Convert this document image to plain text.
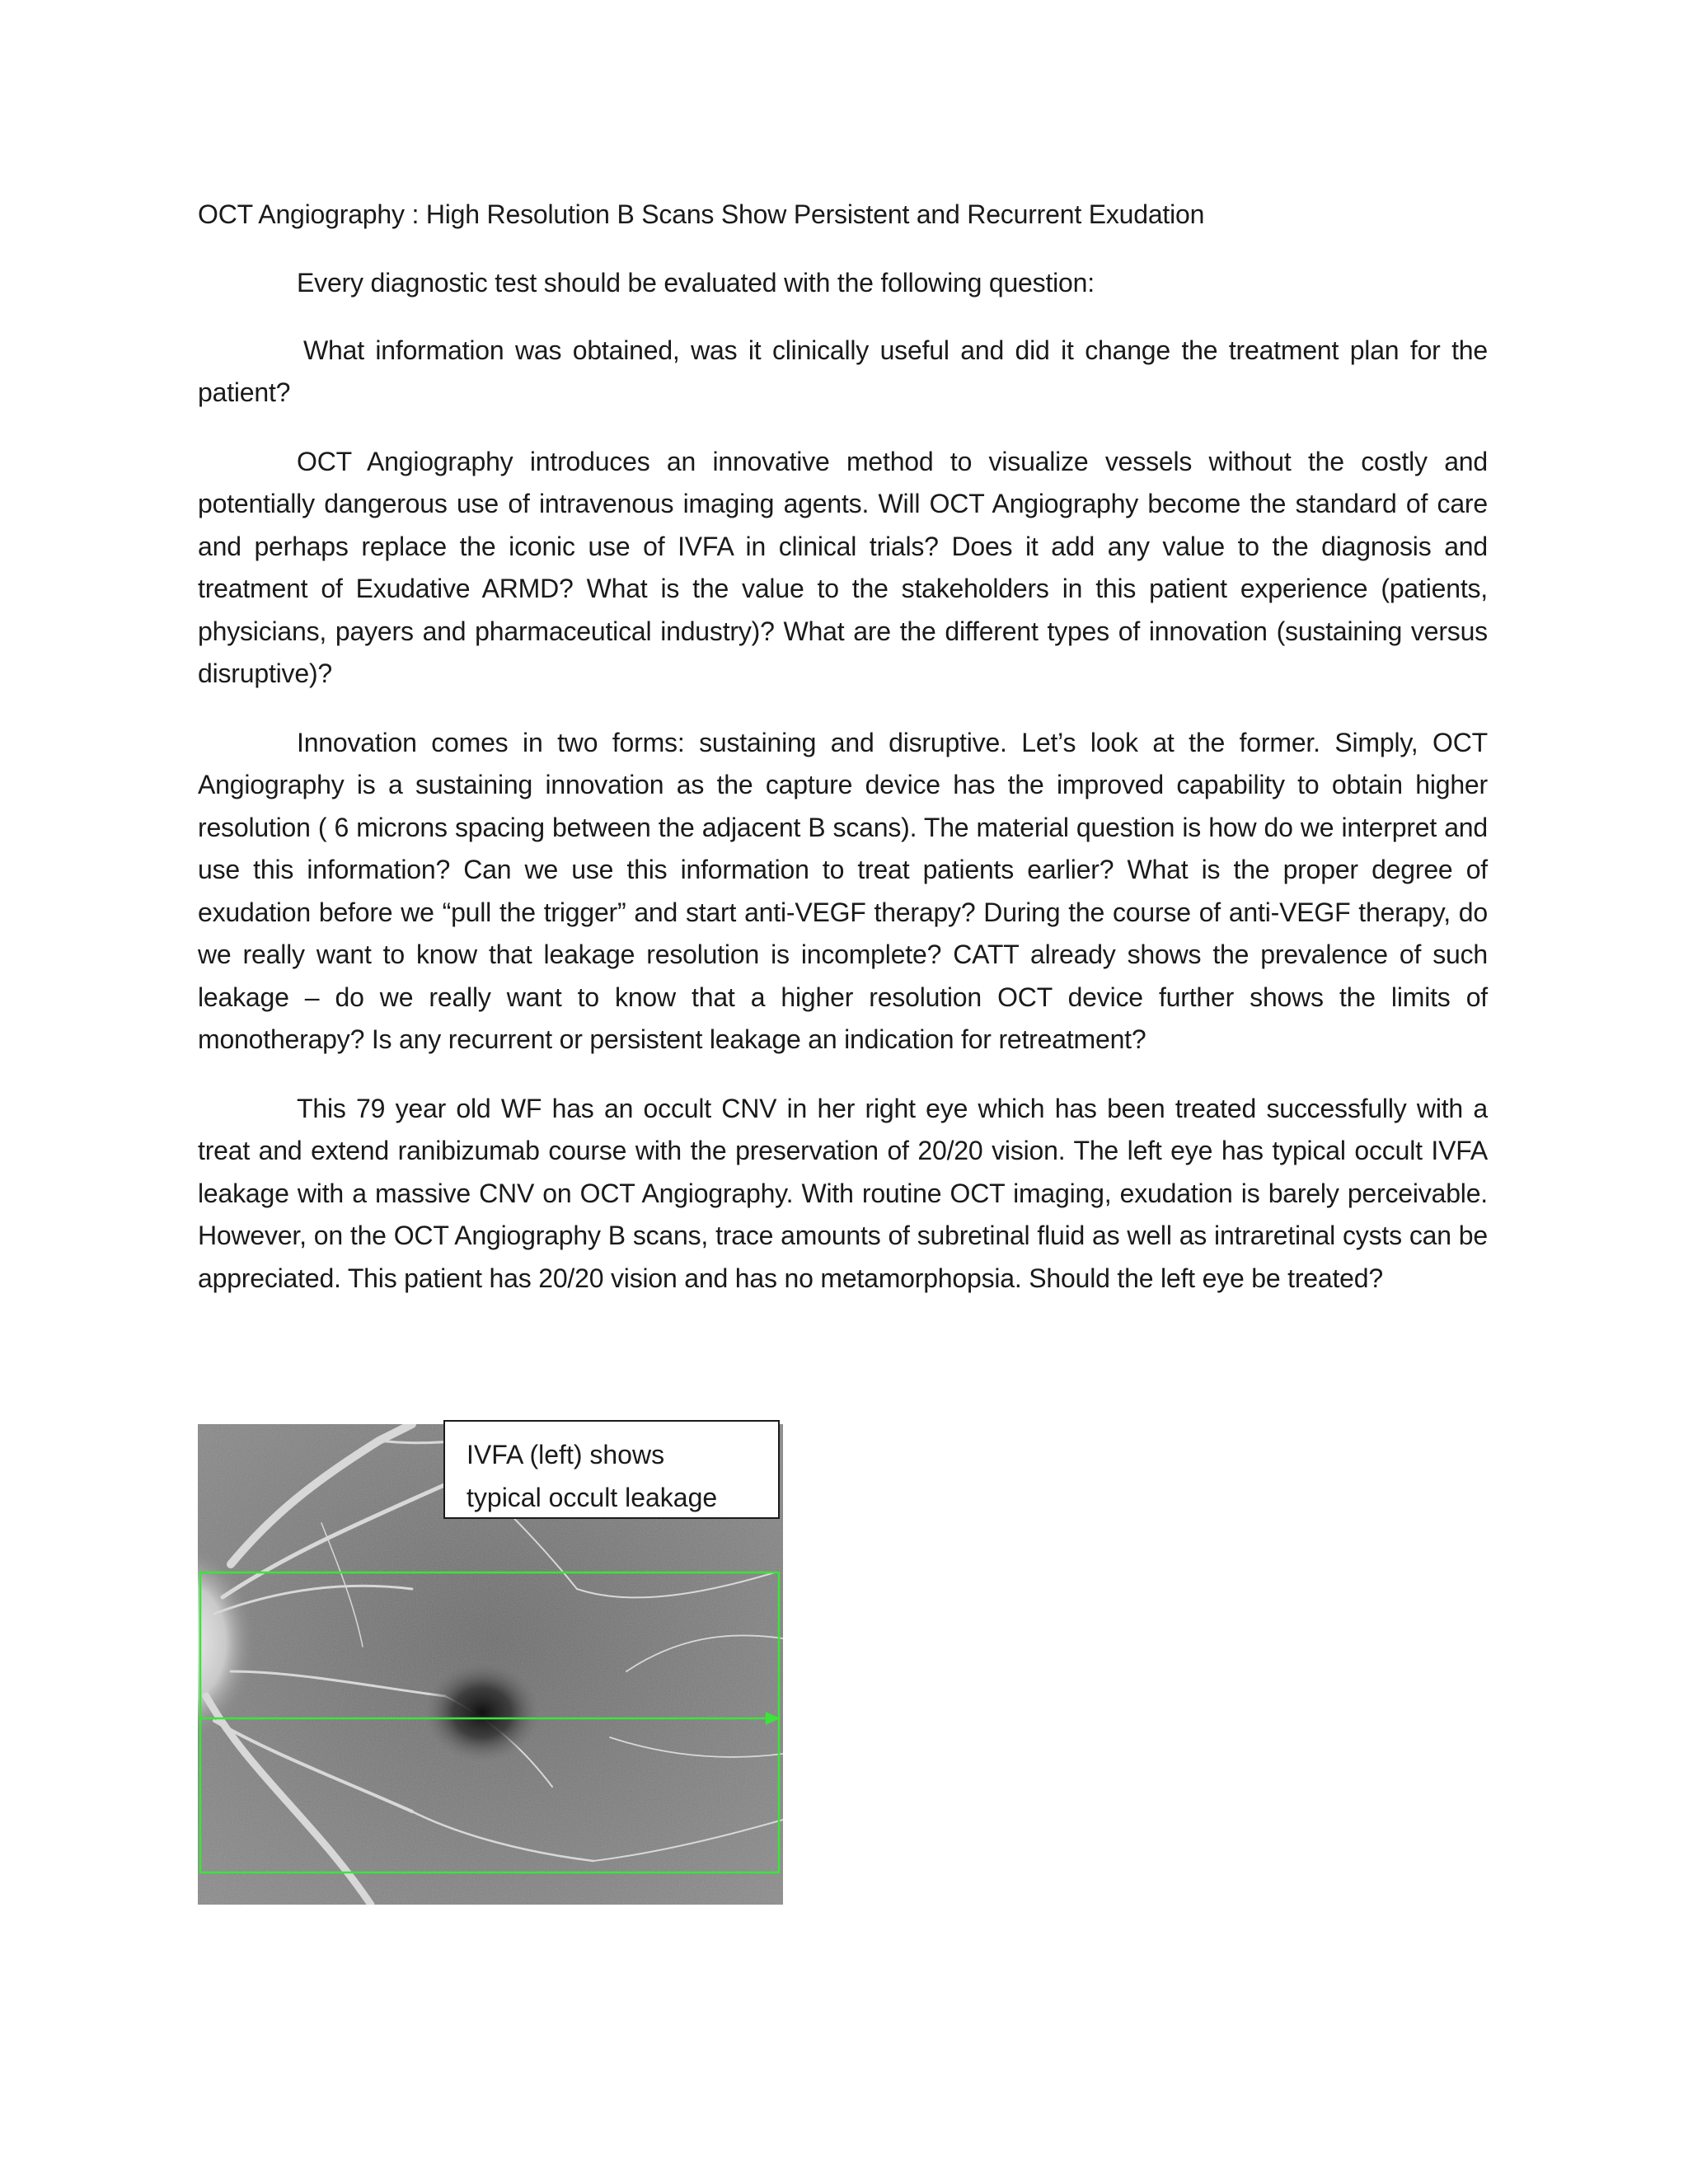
OCT Angiography : High Resolution B Scans Show Persistent and Recurrent Exudation

Every diagnostic test should be evaluated with the following question:

What information was obtained, was it clinically useful and did it change the treatment plan for the patient?

OCT Angiography introduces an innovative method to visualize vessels without the costly and potentially dangerous use of intravenous imaging agents. Will OCT Angiography become the standard of care and perhaps replace the iconic use of IVFA in clinical trials? Does it add any value to the diagnosis and treatment of Exudative ARMD? What is the value to the stakeholders in this patient experience (patients, physicians, payers and pharmaceutical industry)? What are the different types of innovation (sustaining versus disruptive)?

Innovation comes in two forms: sustaining and disruptive. Let’s look at the former. Simply, OCT Angiography is a sustaining innovation as the capture device has the improved capability to obtain higher resolution ( 6 microns spacing between the adjacent B scans). The material question is how do we interpret and use this information? Can we use this information to treat patients earlier? What is the proper degree of exudation before we “pull the trigger” and start anti-VEGF therapy? During the course of anti-VEGF therapy, do we really want to know that leakage resolution is incomplete? CATT already shows the prevalence of such leakage – do we really want to know that a higher resolution OCT device further shows the limits of monotherapy? Is any recurrent or persistent leakage an indication for retreatment?

This 79 year old WF has an occult CNV in her right eye which has been treated successfully with a treat and extend ranibizumab course with the preservation of 20/20 vision. The left eye has typical occult IVFA leakage with a massive CNV on OCT Angiography. With routine OCT imaging, exudation is barely perceivable. However, on the OCT Angiography B scans, trace amounts of subretinal fluid as well as intraretinal cysts can be appreciated. This patient has 20/20 vision and has no metamorphopsia. Should the left eye be treated?

IVFA (left) shows
typical occult leakage
